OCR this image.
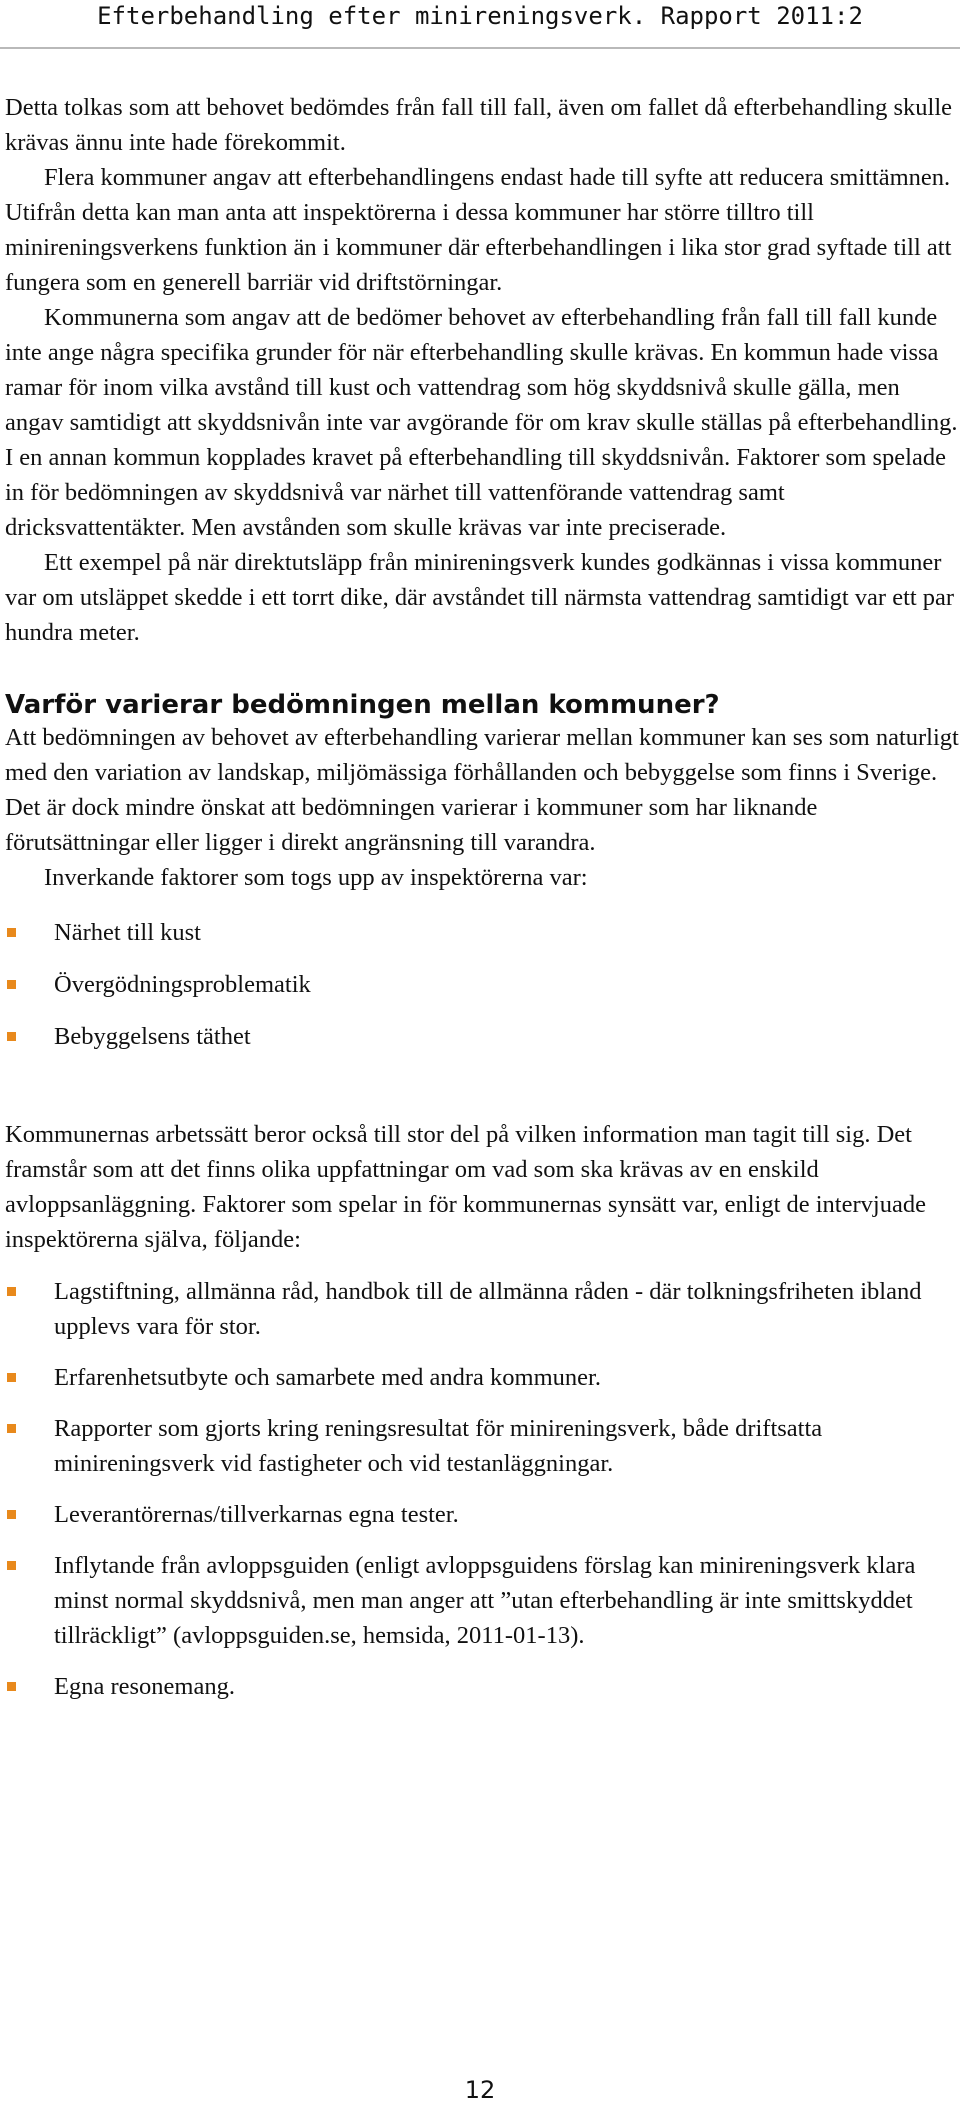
Efterbehandling efter minireningsverk. Rapport 2011:2

Detta tolkas som att behovet bedömdes från fall till fall, även om fallet då efterbehandling skulle krävas ännu inte hade förekommit.

Flera kommuner angav att efterbehandlingens endast hade till syfte att reducera smittämnen. Utifrån detta kan man anta att inspektörerna i dessa kommuner har större tilltro till minireningsverkens funktion än i kommuner där efterbehandlingen i lika stor grad syftade till att fungera som en generell barriär vid driftstörningar.

Kommunerna som angav att de bedömer behovet av efterbehandling från fall till fall kunde inte ange några specifika grunder för när efterbehandling skulle krävas. En kommun hade vissa ramar för inom vilka avstånd till kust och vattendrag som hög skyddsnivå skulle gälla, men angav samtidigt att skyddsnivån inte var avgörande för om krav skulle ställas på efterbehandling. I en annan kommun kopplades kravet på efterbehandling till skyddsnivån. Faktorer som spelade in för bedömningen av skyddsnivå var närhet till vattenförande vattendrag samt dricksvattentäkter. Men avstånden som skulle krävas var inte preciserade.

Ett exempel på när direktutsläpp från minireningsverk kundes godkännas i vissa kommuner var om utsläppet skedde i ett torrt dike, där avståndet till närmsta vattendrag samtidigt var ett par hundra meter.

Varför varierar bedömningen mellan kommuner?

Att bedömningen av behovet av efterbehandling varierar mellan kommuner kan ses som naturligt med den variation av landskap, miljömässiga förhållanden och bebyggelse som finns i Sverige. Det är dock mindre önskat att bedömningen varierar i kommuner som har liknande förutsättningar eller ligger i direkt angränsning till varandra.

Inverkande faktorer som togs upp av inspektörerna var:

Närhet till kust
Övergödningsproblematik
Bebyggelsens täthet

Kommunernas arbetssätt beror också till stor del på vilken information man tagit till sig. Det framstår som att det finns olika uppfattningar om vad som ska krävas av en enskild avloppsanläggning. Faktorer som spelar in för kommunernas synsätt var, enligt de intervjuade inspektörerna själva, följande:

Lagstiftning, allmänna råd, handbok till de allmänna råden - där tolkningsfriheten ibland upplevs vara för stor.
Erfarenhetsutbyte och samarbete med andra kommuner.
Rapporter som gjorts kring reningsresultat för minireningsverk, både driftsatta minireningsverk vid fastigheter och vid testanläggningar.
Leverantörernas/tillverkarnas egna tester.
Inflytande från avloppsguiden (enligt avloppsguidens förslag kan minireningsverk klara minst normal skyddsnivå, men man anger att ”utan efterbehandling är inte smittskyddet tillräckligt” (avloppsguiden.se, hemsida, 2011-01-13).
Egna resonemang.
12
